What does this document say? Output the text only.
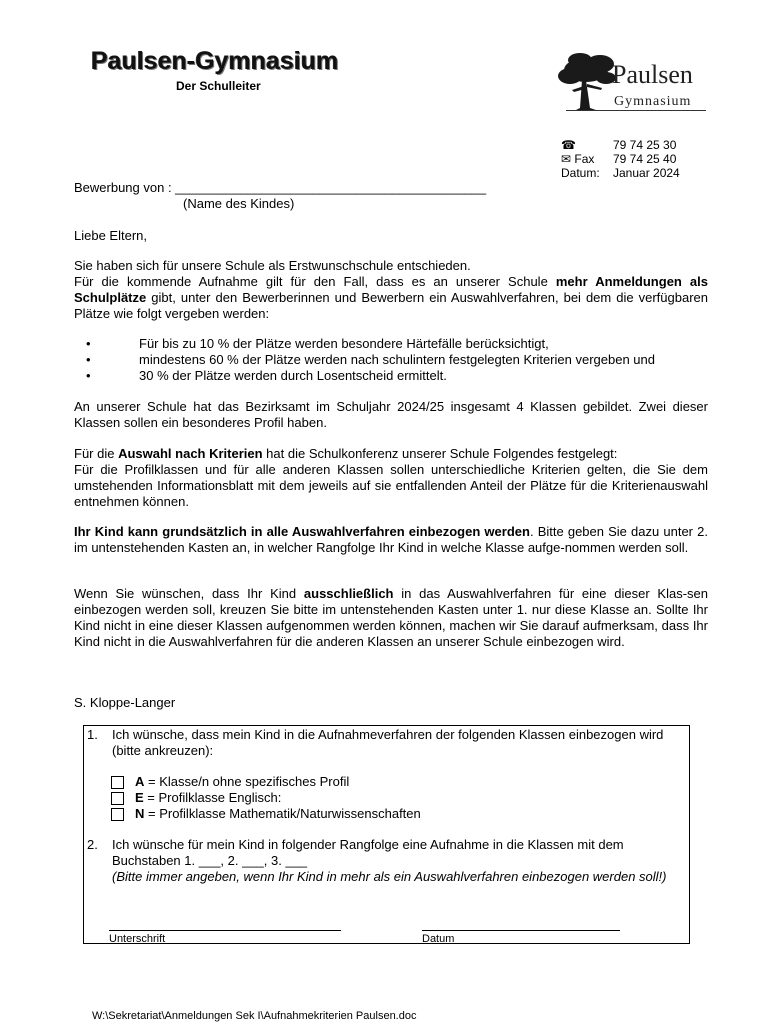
Paulsen-Gymnasium
Der Schulleiter	Paulsen
Gymnasium
☎	79 74 25 30
✉ Fax	79 74 25 40
Datum:	Januar 2024
Bewerbung von : ___________________________________________
(Name des Kindes)
Liebe Eltern,
Sie haben sich für unsere Schule als Erstwunschschule entschieden.
Für die kommende Aufnahme gilt für den Fall, dass es an unserer Schule mehr Anmeldungen als Schulplätze gibt, unter den Bewerberinnen und Bewerbern ein Auswahlverfahren, bei dem die verfügbaren Plätze wie folgt vergeben werden:
• Für bis zu 10 % der Plätze werden besondere Härtefälle berücksichtigt,
• mindestens 60 % der Plätze werden nach schulintern festgelegten Kriterien vergeben und
• 30 % der Plätze werden durch Losentscheid ermittelt.
An unserer Schule hat das Bezirksamt im Schuljahr 2024/25 insgesamt 4 Klassen gebildet. Zwei dieser Klassen sollen ein besonderes Profil haben.
Für die Auswahl nach Kriterien hat die Schulkonferenz unserer Schule Folgendes festgelegt:
Für die Profilklassen und für alle anderen Klassen sollen unterschiedliche Kriterien gelten, die Sie dem umstehenden Informationsblatt mit dem jeweils auf sie entfallenden Anteil der Plätze für die Kriterienauswahl entnehmen können.
Ihr Kind kann grundsätzlich in alle Auswahlverfahren einbezogen werden. Bitte geben Sie dazu unter 2. im untenstehenden Kasten an, in welcher Rangfolge Ihr Kind in welche Klasse aufge-nommen werden soll.
Wenn Sie wünschen, dass Ihr Kind ausschließlich in das Auswahlverfahren für eine dieser Klas-sen einbezogen werden soll, kreuzen Sie bitte im untenstehenden Kasten unter 1. nur diese Klasse an. Sollte Ihr Kind nicht in eine dieser Klassen aufgenommen werden können, machen wir Sie darauf aufmerksam, dass Ihr Kind nicht in die Auswahlverfahren für die anderen Klassen an unserer Schule einbezogen wird.
S. Kloppe-Langer
1.	Ich wünsche, dass mein Kind in die Aufnahmeverfahren der folgenden Klassen einbezogen wird (bitte ankreuzen):
A = Klasse/n ohne spezifisches Profil
E = Profilklasse Englisch:
N = Profilklasse Mathematik/Naturwissenschaften
2.	Ich wünsche für mein Kind in folgender Rangfolge eine Aufnahme in die Klassen mit dem
Buchstaben 1. ___, 2. ___, 3. ___
(Bitte immer angeben, wenn Ihr Kind in mehr als ein Auswahlverfahren einbezogen werden soll!)
Unterschrift	Datum
W:\Sekretariat\Anmeldungen Sek I\Aufnahmekriterien Paulsen.doc
